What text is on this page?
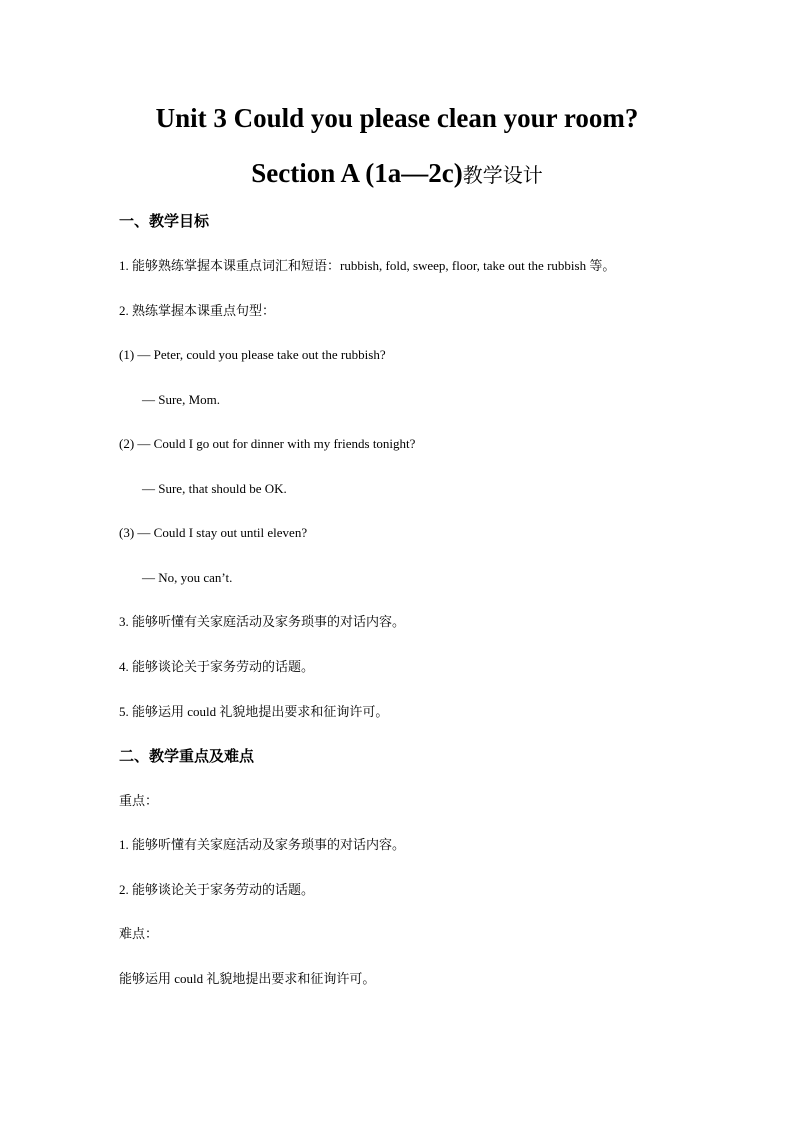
Unit 3 Could you please clean your room?
Section A (1a—2c)教学设计
一、教学目标
1. 能够熟练掌握本课重点词汇和短语：rubbish, fold, sweep, floor, take out the rubbish 等。
2. 熟练掌握本课重点句型：
(1) — Peter, could you please take out the rubbish?
— Sure, Mom.
(2) — Could I go out for dinner with my friends tonight?
— Sure, that should be OK.
(3) — Could I stay out until eleven?
— No, you can’t.
3. 能够听懂有关家庭活动及家务琐事的对话内容。
4. 能够谈论关于家务劳动的话题。
5. 能够运用 could 礼貌地提出要求和征询许可。
二、教学重点及难点
重点：
1. 能够听懂有关家庭活动及家务琐事的对话内容。
2. 能够谈论关于家务劳动的话题。
难点：
能够运用 could 礼貌地提出要求和征询许可。
